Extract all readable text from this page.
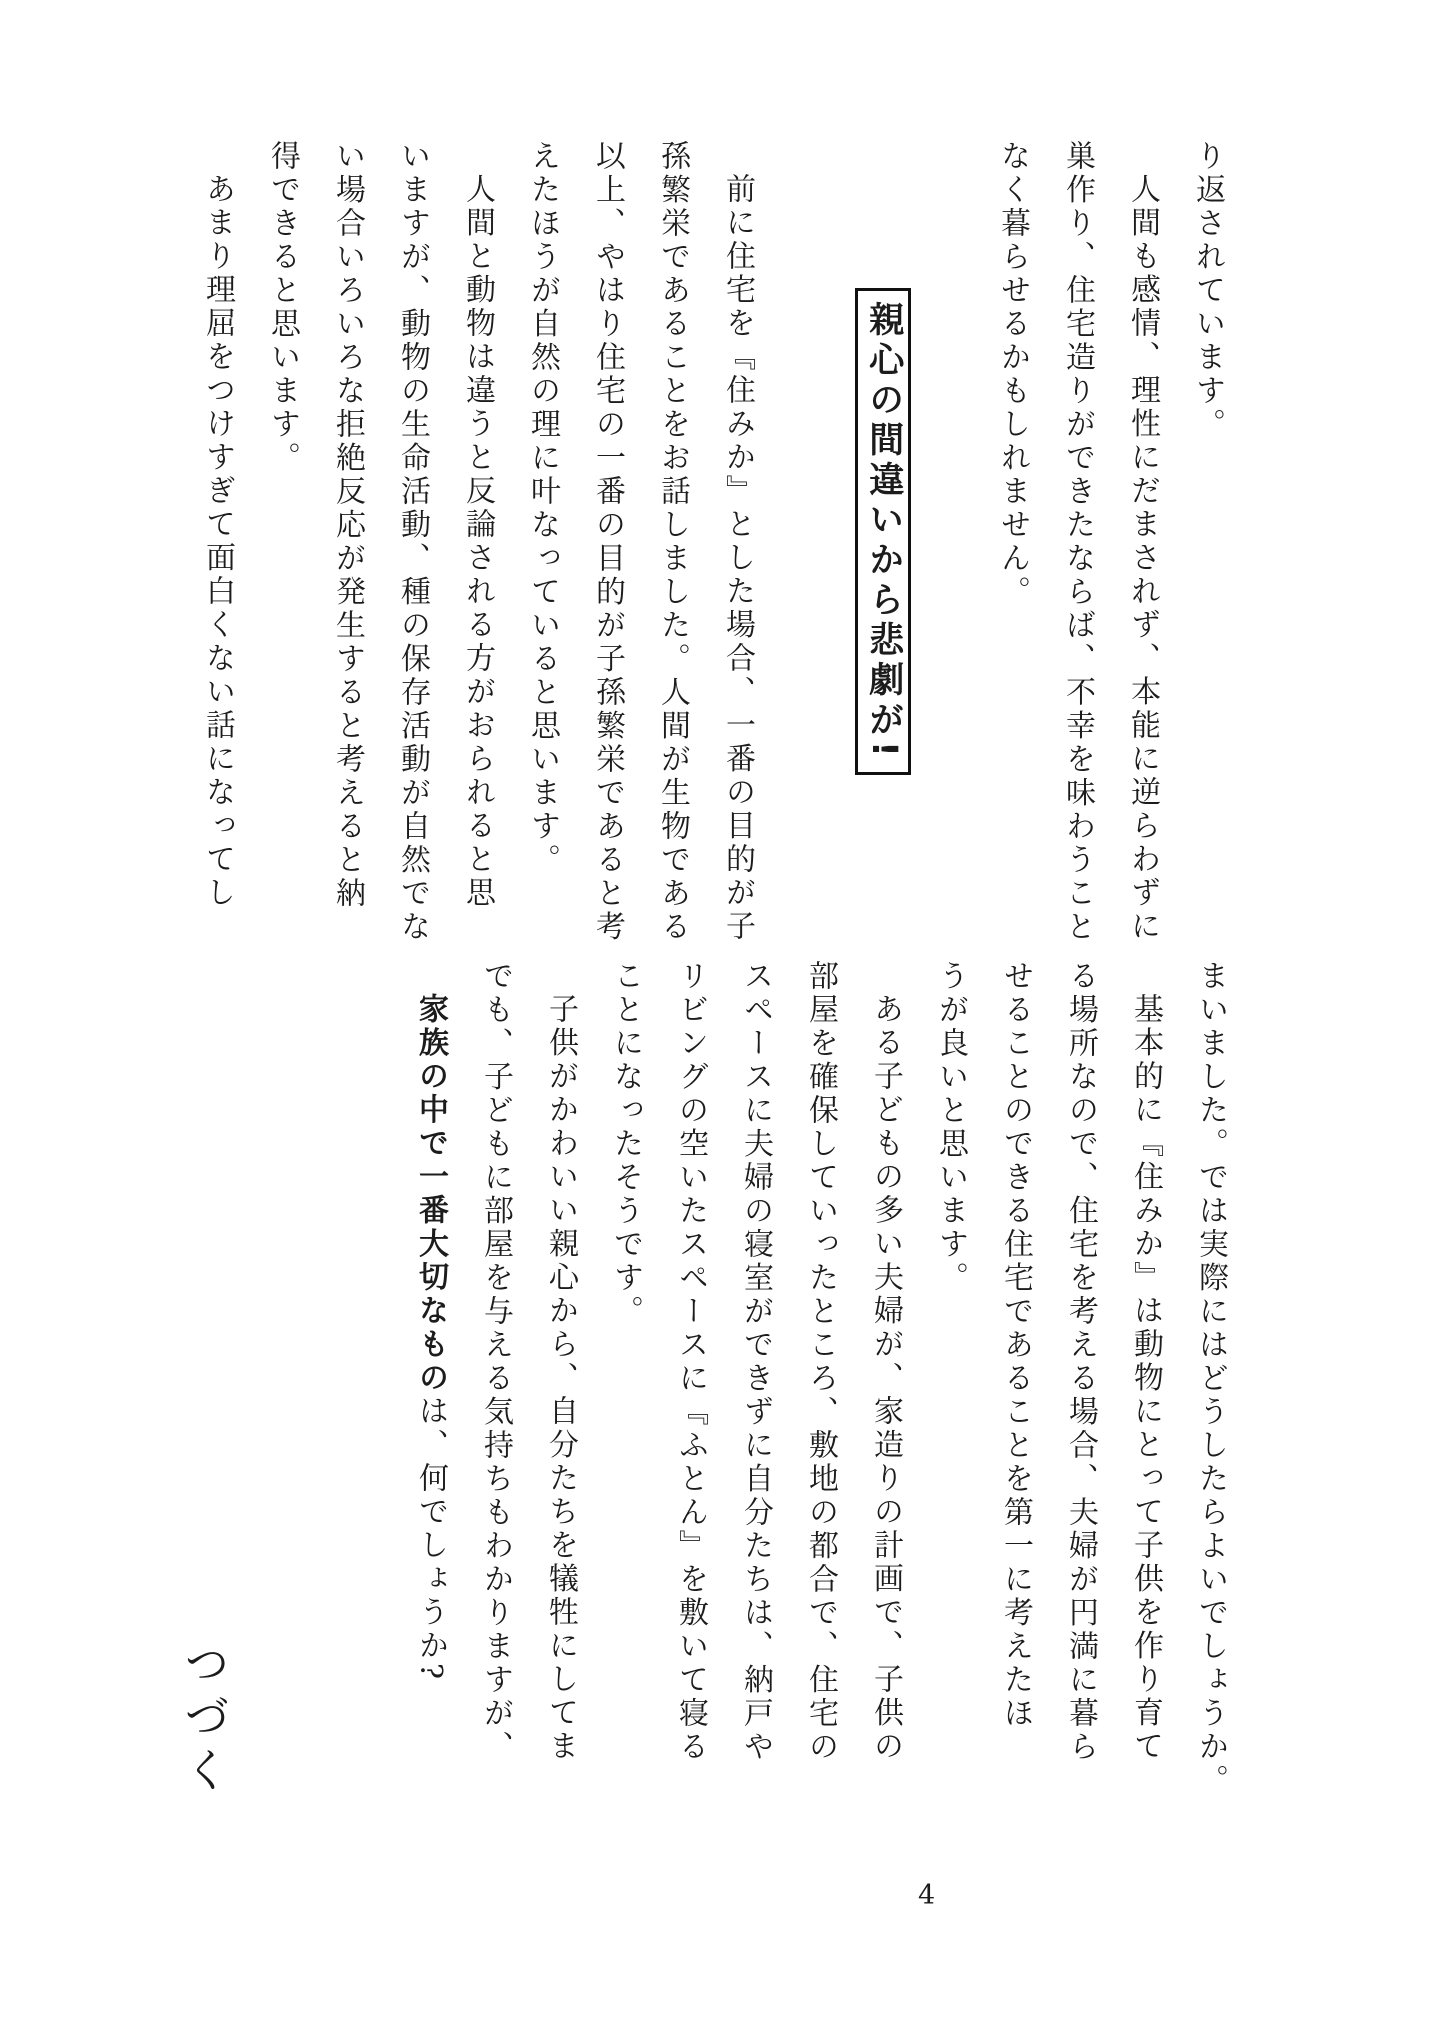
り返されています。

人間も感情、理性にだまされず、本能に逆らわずに

巣作り、住宅造りができたならば、不幸を味わうこと

なく暮らせるかもしれません。

親心の間違いから悲劇が!

前に住宅を『住みか』とした場合、一番の目的が子

孫繁栄であることをお話しました。人間が生物である

以上、やはり住宅の一番の目的が子孫繁栄であると考

えたほうが自然の理に叶なっていると思います。

人間と動物は違うと反論される方がおられると思

いますが、動物の生命活動、種の保存活動が自然でな

い場合いろいろな拒絶反応が発生すると考えると納

得できると思います。

あまり理屈をつけすぎて面白くない話になってし

まいました。では実際にはどうしたらよいでしょうか。

基本的に『住みか』は動物にとって子供を作り育て

る場所なので、住宅を考える場合、夫婦が円満に暮ら

せることのできる住宅であることを第一に考えたほ

うが良いと思います。

ある子どもの多い夫婦が、家造りの計画で、子供の

部屋を確保していったところ、敷地の都合で、住宅の

スペースに夫婦の寝室ができずに自分たちは、納戸や

リビングの空いたスペースに『ふとん』を敷いて寝る

ことになったそうです。

子供がかわいい親心から、自分たちを犠牲にしてま

でも、子どもに部屋を与える気持ちもわかりますが、

家族の中で一番大切なものは、何でしょうか?

つづく
4
